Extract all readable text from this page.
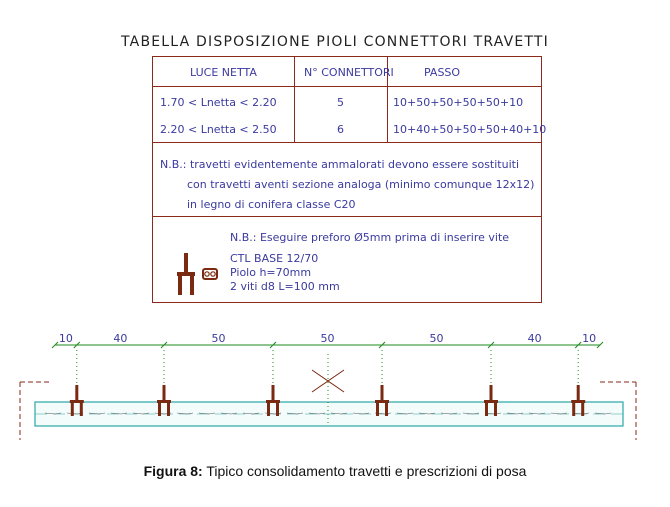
TABELLA DISPOSIZIONE PIOLI CONNETTORI TRAVETTI
LUCE NETTA	N° CONNETTORI	PASSO
1.70 < Lnetta < 2.20	5	10+50+50+50+50+10
2.20 < Lnetta < 2.50	6	10+40+50+50+50+40+10
N.B.: travetti evidentemente ammalorati devono essere sostituiti
con travetti aventi sezione analoga (minimo comunque 12x12)
in legno di conifera classe C20
N.B.: Eseguire preforo Ø5mm prima di inserire vite
CTL BASE 12/70
Piolo h=70mm
2 viti d8 L=100 mm
10	40	50	50	50	40	10
Figura 8: Tipico consolidamento travetti e prescrizioni di posa
